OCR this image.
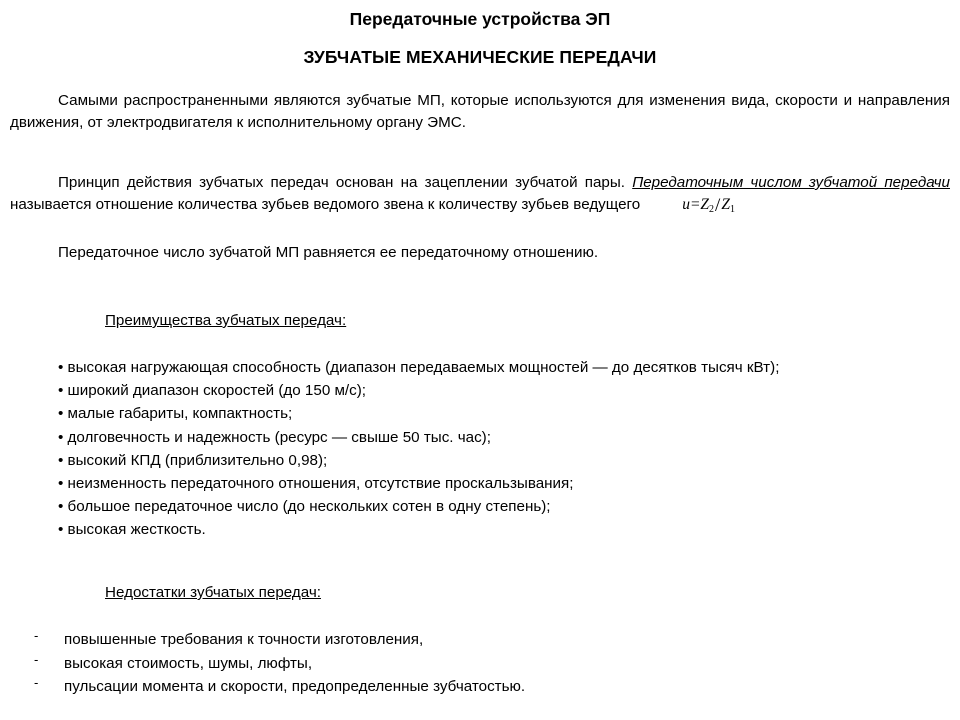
Передаточные устройства ЭП
ЗУБЧАТЫЕ МЕХАНИЧЕСКИЕ ПЕРЕДАЧИ

Самыми распространенными являются зубчатые МП, которые используются для изменения вида, скорости и направления движения, от электродвигателя к исполнительному органу ЭМС.

Принцип действия зубчатых передач основан на зацеплении зубчатой пары. Передаточным числом зубчатой передачи называется отношение количества зубьев ведомого звена к количеству зубьев ведущего	$u=Z_2/Z_1$

Передаточное число зубчатой МП равняется ее передаточному отношению.

Преимущества зубчатых передач:

• высокая нагружающая способность (диапазон передаваемых мощностей — до десятков тысяч кВт);
• широкий диапазон скоростей (до 150 м/с);
• малые габариты, компактность;
• долговечность и надежность (ресурс — свыше 50 тыс. час);
• высокий КПД (приблизительно 0,98);
• неизменность передаточного отношения, отсутствие проскальзывания;
• большое передаточное число (до нескольких сотен в одну степень);
• высокая жесткость.

Недостатки зубчатых передач:

- повышенные требования к точности изготовления,
- высокая стоимость, шумы, люфты,
- пульсации момента и скорости, предопределенные зубчатостью.
